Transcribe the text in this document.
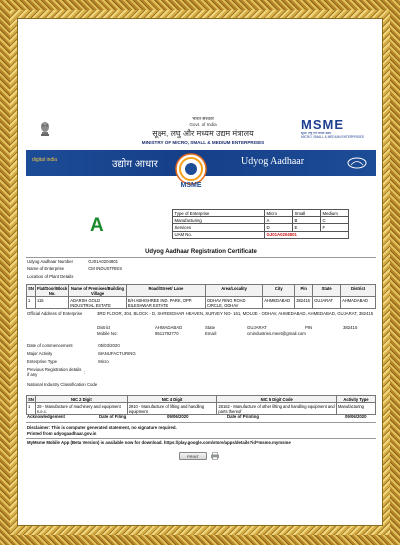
भारत सरकार
Govt. of India
सूक्ष्म, लघु और मध्यम उद्यम मंत्रालय
MINISTRY OF MICRO, SMALL & MEDIUM ENTERPRISES
MSME
सूक्ष्म, लघु एवं मध्यम उद्यम
MICRO, SMALL & MEDIUM ENTERPRISES
digital india	उद्योग आधार	Udyog Aadhaar
MSME
A
Type of Enterprise	Micro	Small	Medium
Manufacturing	A	B	C
Services	D	E	F
UAM No.	GJ01A0204801		
Udyog Aadhaar Registration Certificate
Udyog Aadhaar Number	GJ01A0204801
Name of Enterprise	CM INDUSTRIES
Location of Plant Details
SN	Flat/Door/Block No.	Name of Premises/Building Village	Road/Street/ Lane	Area/Locality	City	Pin	State	District
1	115	ADARSH GOLD INDUSTRIAL ESTATE	B/H ABHISHREE IND. PARK, OPP. BILESHWAR ESTATE	ODHAV RING ROAD CIRCLE, ODHAV	AHMEDABAD	382415	GUJARAT	AHMADABAD
Official Address of Enterprise	3RD FLOOR, 304, BLOCK - D, SHREEDHAR HEAVEN, SURVEY NO- 161, MOUJE - ODHAV, AHMEDABAD, AHMEDABAD, GUJARAT, 382415
District	AHMADABAD	State	GUJARAT	PIN	382415
Mobile No:	9511792770	Email:	cmindustries.meet@gmail.com
Date of commencement	05/03/2020
Major Activity	MANUFACTURING
Enterprise Type	Micro
Previous Registration details if any	:
National Industry Classification Code
SN	NIC 2 Digit	NIC 4 Digit	NIC 5 Digit Code	Activity Type
1	28 - Manufacture of machinery and equipment n.e.c.	2910 - Manufacture of lifting and handling equipment	28162 - Manufacture of other lifting and handling equipment and parts thereof	Manufacturing
Acknowledgement	Date of Filing	09/06/2020	Date of Printing	09/06/2020
Disclaimer: This is computer generated statement, no signature required.
Printed from udyogaadhaar.gov.in
MyMsme Mobile App (Beta Version) is available now for download. https://play.google.com/store/apps/details?id=msme.mymsme
PRINT
